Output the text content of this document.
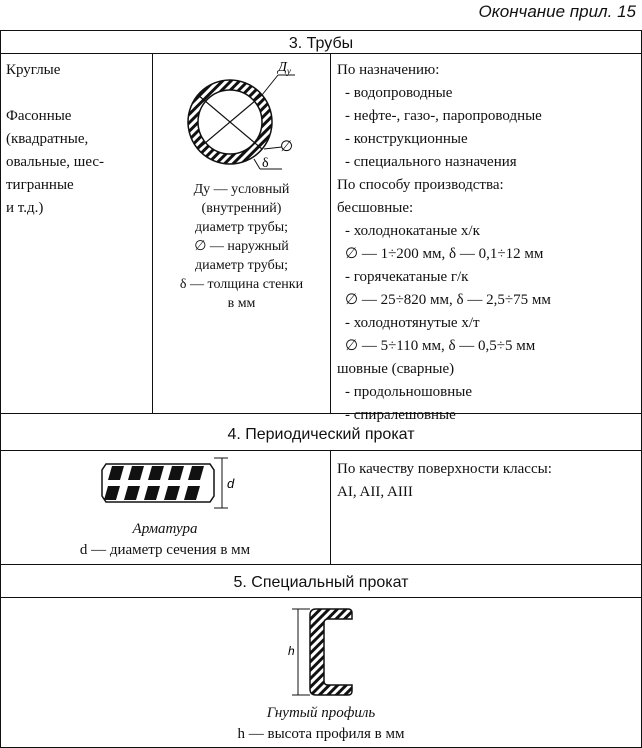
Окончание прил. 15
3. Трубы
Круглые

Фасонные
(квадратные,
овальные, шес-
тигранные
и т.д.)
$Д_у$
∅
δ
Ду — условный
(внутренний)
диаметр трубы;
∅ — наружный
диаметр трубы;
δ — толщина стенки
в мм
По назначению:
- водопроводные
- нефте-, газо-, паропроводные
- конструкционные
- специального назначения
По способу производства:
бесшовные:
- холоднокатаные х/к
∅ — 1÷200 мм, δ — 0,1÷12 мм
- горячекатаные г/к
∅ — 25÷820 мм, δ — 2,5÷75 мм
- холоднотянутые х/т
∅ — 5÷110 мм, δ — 0,5÷5 мм
шовные (сварные)
- продольношовные
- спиралешовные
4. Периодический прокат
d
Арматура
d — диаметр сечения в мм
По качеству поверхности классы:
AI, AII, AIII
5. Специальный прокат
h
Гнутый профиль
h — высота профиля в мм
